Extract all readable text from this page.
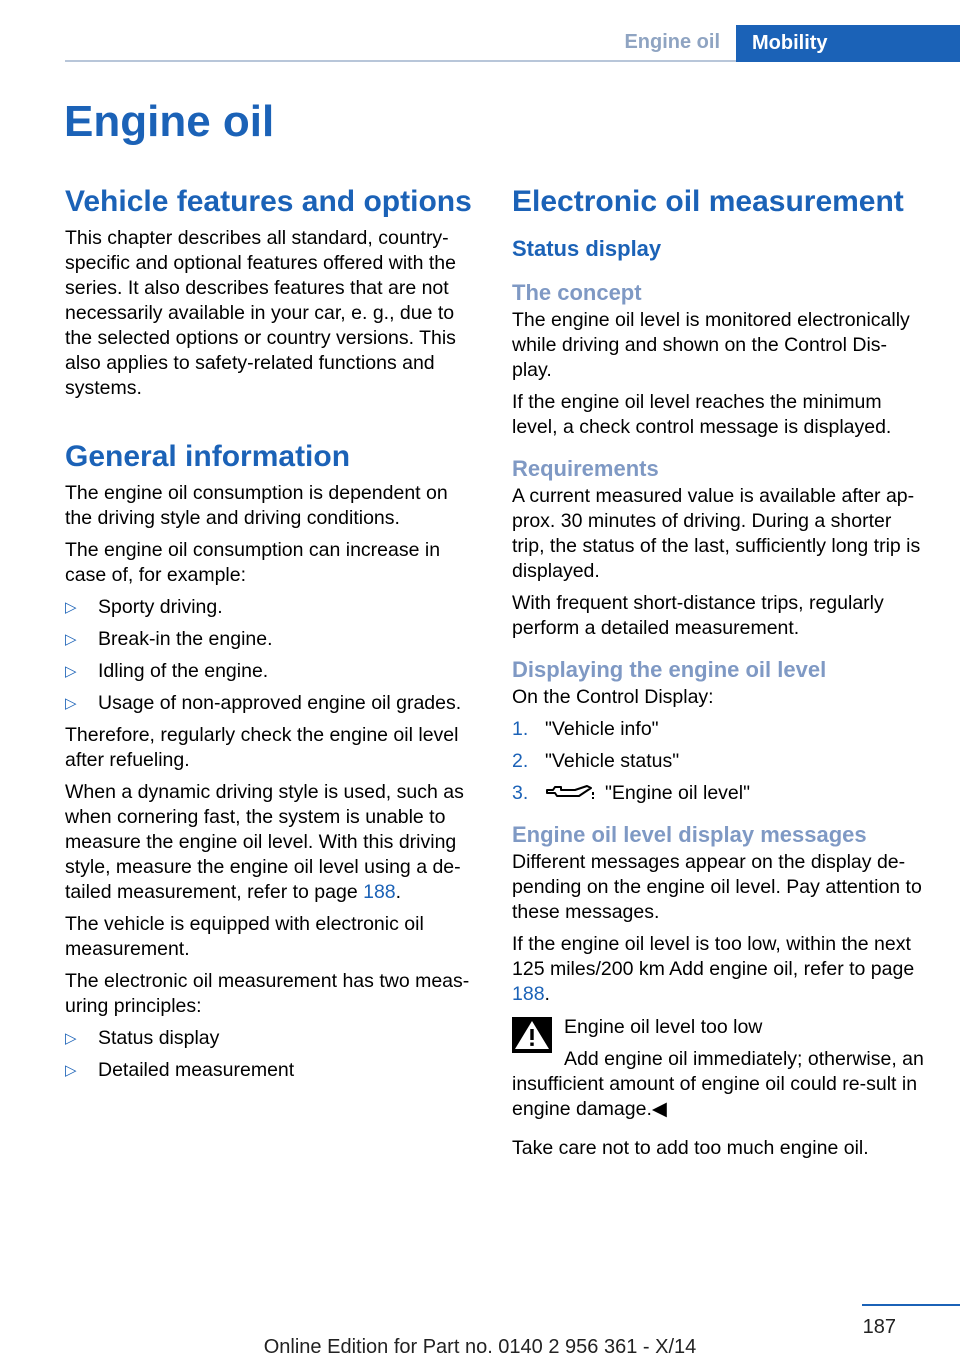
Engine oil	Mobility
Engine oil
Vehicle features and options

This chapter describes all standard, country-specific and optional features offered with the series. It also describes features that are not necessarily available in your car, e. g., due to the selected options or country versions. This also applies to safety-related functions and systems.

General information

The engine oil consumption is dependent on the driving style and driving conditions.

The engine oil consumption can increase in case of, for example:

▷ Sporty driving.
▷ Break-in the engine.
▷ Idling of the engine.
▷ Usage of non-approved engine oil grades.

Therefore, regularly check the engine oil level after refueling.

When a dynamic driving style is used, such as when cornering fast, the system is unable to measure the engine oil level. With this driving style, measure the engine oil level using a de-tailed measurement, refer to page 188.

The vehicle is equipped with electronic oil measurement.

The electronic oil measurement has two meas-uring principles:

▷ Status display
▷ Detailed measurement
Electronic oil measurement
Status display
The concept

The engine oil level is monitored electronically while driving and shown on the Control Dis-play.

If the engine oil level reaches the minimum level, a check control message is displayed.

Requirements

A current measured value is available after ap-prox. 30 minutes of driving. During a shorter trip, the status of the last, sufficiently long trip is displayed.

With frequent short-distance trips, regularly perform a detailed measurement.

Displaying the engine oil level

On the Control Display:

1. "Vehicle info"
2. "Vehicle status"
3.	"Engine oil level"
Engine oil level display messages

Different messages appear on the display de-pending on the engine oil level. Pay attention to these messages.

If the engine oil level is too low, within the next 125 miles/200 km Add engine oil, refer to page 188.

Engine oil level too low

Add engine oil immediately; otherwise, an insufficient amount of engine oil could re-sult in engine damage.◀

Take care not to add too much engine oil.

187
Online Edition for Part no. 0140 2 956 361 - X/14
